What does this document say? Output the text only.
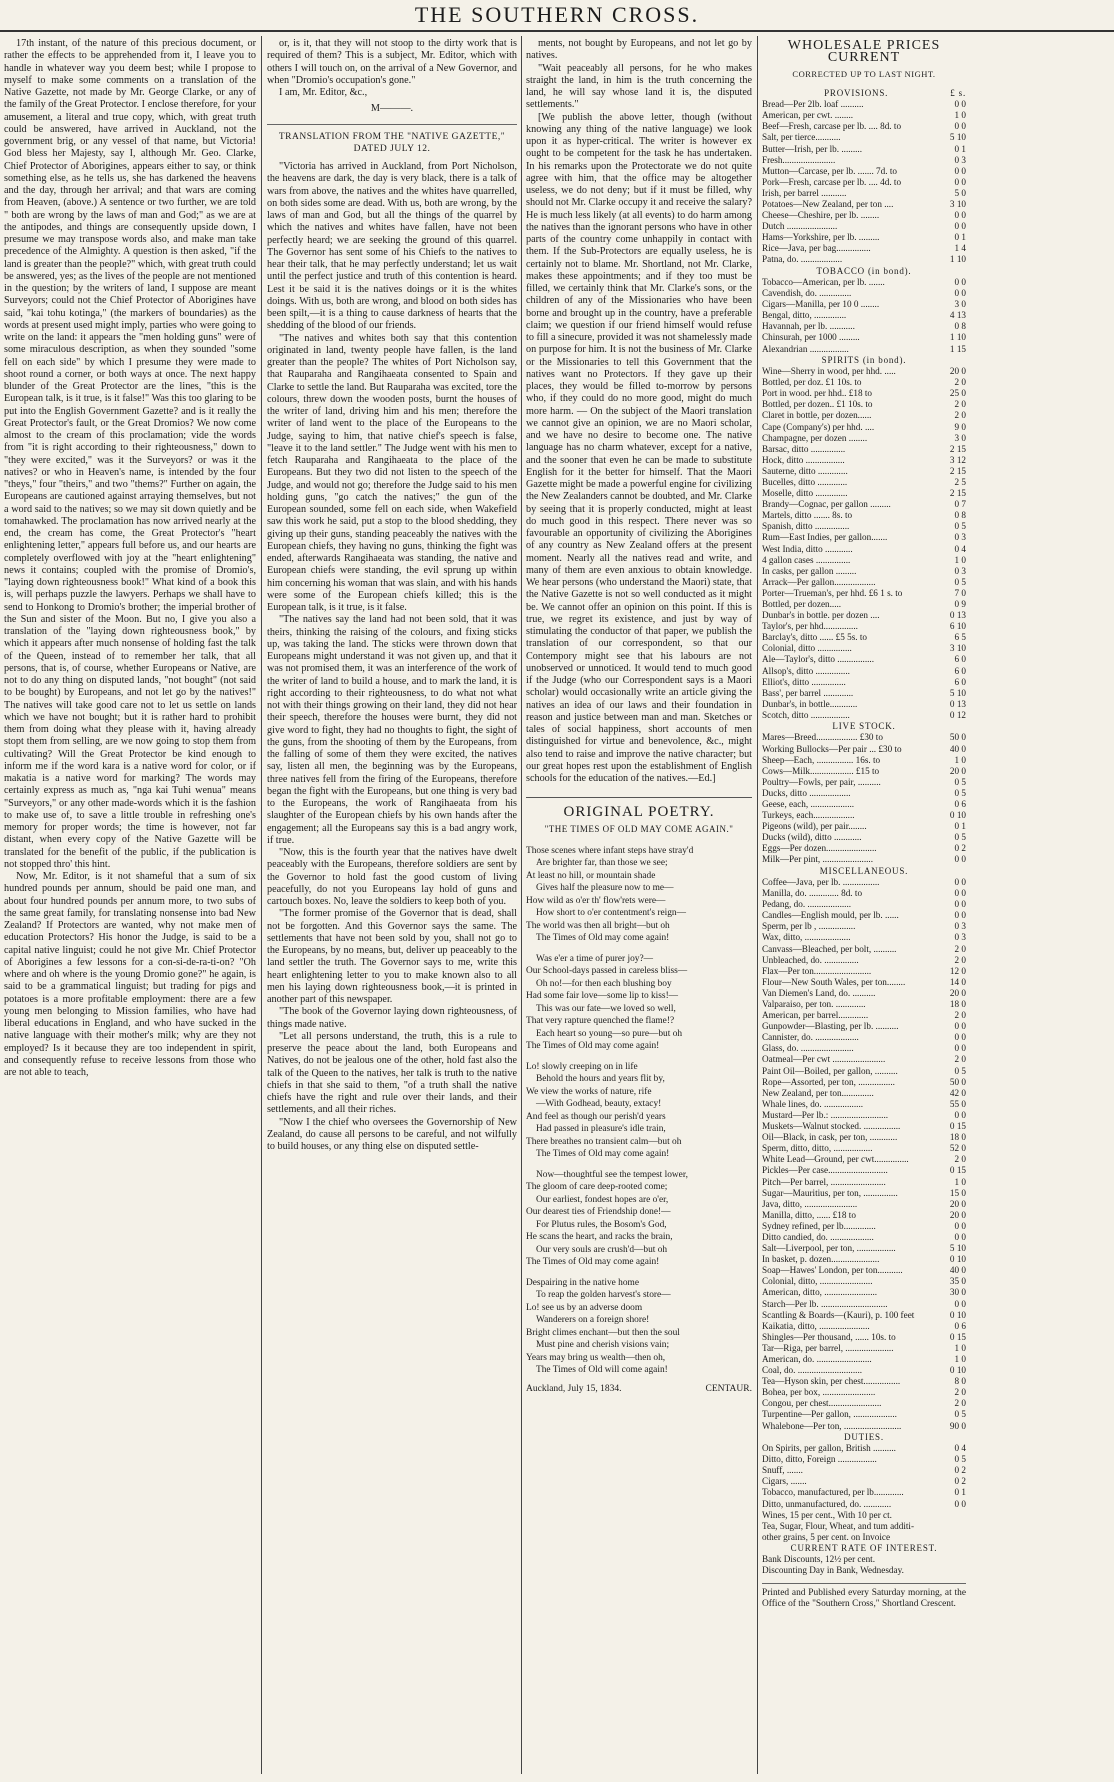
THE SOUTHERN CROSS.

17th instant, of the nature of this precious document, or rather the effects to be apprehended from it, I leave you to handle in whatever way you deem best; while I propose to myself to make some comments on a translation of the Native Gazette, not made by Mr. George Clarke, or any of the family of the Great Protector. I enclose therefore, for your amusement, a literal and true copy, which, with great truth could be answered, have arrived in Auckland, not the government brig, or any vessel of that name, but Victoria! God bless her Majesty, say I, although Mr. Geo. Clarke, Chief Protector of Aborigines, appears either to say, or think something else, as he tells us, she has darkened the heavens and the day, through her arrival; and that wars are coming from Heaven, (above.) A sentence or two further, we are told " both are wrong by the laws of man and God;" as we are at the antipodes, and things are consequently upside down, I presume we may transpose words also, and make man take precedence of the Almighty. A question is then asked, "if the land is greater than the people?" which, with great truth could be answered, yes; as the lives of the people are not mentioned in the question; by the writers of land, I suppose are meant Surveyors; could not the Chief Protector of Aborigines have said, "kai tohu kotinga," (the markers of boundaries) as the words at present used might imply, parties who were going to write on the land: it appears the "men holding guns" were of some miraculous description, as when they sounded "some fell on each side" by which I presume they were made to shoot round a corner, or both ways at once. The next happy blunder of the Great Protector are the lines, "this is the European talk, is it true, is it false!" Was this too glaring to be put into the English Government Gazette? and is it really the Great Protector's fault, or the Great Dromios? We now come almost to the cream of this proclamation; vide the words from "it is right according to their righteousness," down to "they were excited," was it the Surveyors? or was it the natives? or who in Heaven's name, is intended by the four "theys," four "theirs," and two "thems?" Further on again, the Europeans are cautioned against arraying themselves, but not a word said to the natives; so we may sit down quietly and be tomahawked. The proclamation has now arrived nearly at the end, the cream has come, the Great Protector's "heart enlightening letter," appears full before us, and our hearts are completely overflowed with joy at the "heart enlightening" news it contains; coupled with the promise of Dromio's, "laying down righteousness book!" What kind of a book this is, will perhaps puzzle the lawyers. Perhaps we shall have to send to Honkong to Dromio's brother; the imperial brother of the Sun and sister of the Moon. But no, I give you also a translation of the "laying down righteousness book," by which it appears after much nonsense of holding fast the talk of the Queen, instead of to remember her talk, that all persons, that is, of course, whether Europeans or Native, are not to do any thing on disputed lands, "not bought" (not said to be bought) by Europeans, and not let go by the natives!" The natives will take good care not to let us settle on lands which we have not bought; but it is rather hard to prohibit them from doing what they please with it, having already stopt them from selling, are we now going to stop them from cultivating? Will the Great Protector be kind enough to inform me if the word kara is a native word for color, or if makatia is a native word for marking? The words may certainly express as much as, "nga kai Tuhi wenua" means "Surveyors," or any other made-words which it is the fashion to make use of, to save a little trouble in refreshing one's memory for proper words; the time is however, not far distant, when every copy of the Native Gazette will be translated for the benefit of the public, if the publication is not stopped thro' this hint.

Now, Mr. Editor, is it not shameful that a sum of six hundred pounds per annum, should be paid one man, and about four hundred pounds per annum more, to two subs of the same great family, for translating nonsense into bad New Zealand? If Protectors are wanted, why not make men of education Protectors? His honor the Judge, is said to be a capital native linguist; could he not give Mr. Chief Protector of Aborigines a few lessons for a con-si-de-ra-ti-on? "Oh where and oh where is the young Dromio gone?" he again, is said to be a grammatical linguist; but trading for pigs and potatoes is a more profitable employment: there are a few young men belonging to Mission families, who have had liberal educations in England, and who have sucked in the native language with their mother's milk; why are they not employed? Is it because they are too independent in spirit, and consequently refuse to receive lessons from those who are not able to teach,

or, is it, that they will not stoop to the dirty work that is required of them? This is a subject, Mr. Editor, which with others I will touch on, on the arrival of a New Governor, and when "Dromio's occupation's gone."

I am, Mr. Editor, &c.,

M———.
TRANSLATION FROM THE "NATIVE GAZETTE," DATED JULY 12.

"Victoria has arrived in Auckland, from Port Nicholson, the heavens are dark, the day is very black, there is a talk of wars from above, the natives and the whites have quarrelled, on both sides some are dead. With us, both are wrong, by the laws of man and God, but all the things of the quarrel by which the natives and whites have fallen, have not been perfectly heard; we are seeking the ground of this quarrel. The Governor has sent some of his Chiefs to the natives to hear their talk, that he may perfectly understand; let us wait until the perfect justice and truth of this contention is heard. Lest it be said it is the natives doings or it is the whites doings. With us, both are wrong, and blood on both sides has been spilt,—it is a thing to cause darkness of hearts that the shedding of the blood of our friends.

"The natives and whites both say that this contention originated in land, twenty people have fallen, is the land greater than the people? The whites of Port Nicholson say, that Rauparaha and Rangihaeata consented to Spain and Clarke to settle the land. But Rauparaha was excited, tore the colours, threw down the wooden posts, burnt the houses of the writer of land, driving him and his men; therefore the writer of land went to the place of the Europeans to the Judge, saying to him, that native chief's speech is false, "leave it to the land settler." The Judge went with his men to fetch Rauparaha and Rangihaeata to the place of the Europeans. But they two did not listen to the speech of the Judge, and would not go; therefore the Judge said to his men holding guns, "go catch the natives;" the gun of the European sounded, some fell on each side, when Wakefield saw this work he said, put a stop to the blood shedding, they giving up their guns, standing peaceably the natives with the European chiefs, they having no guns, thinking the fight was ended, afterwards Rangihaeata was standing, the native and European chiefs were standing, the evil sprung up within him concerning his woman that was slain, and with his hands were some of the European chiefs killed; this is the European talk, is it true, is it false.

"The natives say the land had not been sold, that it was theirs, thinking the raising of the colours, and fixing sticks up, was taking the land. The sticks were thrown down that Europeans might understand it was not given up, and that it was not promised them, it was an interference of the work of the writer of land to build a house, and to mark the land, it is right according to their righteousness, to do what not what not with their things growing on their land, they did not hear their speech, therefore the houses were burnt, they did not give word to fight, they had no thoughts to fight, the sight of the guns, from the shooting of them by the Europeans, from the falling of some of them they were excited, the natives say, listen all men, the beginning was by the Europeans, three natives fell from the firing of the Europeans, therefore began the fight with the Europeans, but one thing is very bad to the Europeans, the work of Rangihaeata from his slaughter of the European chiefs by his own hands after the engagement; all the Europeans say this is a bad angry work, if true.

"Now, this is the fourth year that the natives have dwelt peaceably with the Europeans, therefore soldiers are sent by the Governor to hold fast the good custom of living peacefully, do not you Europeans lay hold of guns and cartouch boxes. No, leave the soldiers to keep both of you.

"The former promise of the Governor that is dead, shall not be forgotten. And this Governor says the same. The settlements that have not been sold by you, shall not go to the Europeans, by no means, but, deliver up peaceably to the land settler the truth. The Governor says to me, write this heart enlightening letter to you to make known also to all men his laying down righteousness book,—it is printed in another part of this newspaper.

"The book of the Governor laying down righteousness, of things made native.

"Let all persons understand, the truth, this is a rule to preserve the peace about the land, both Europeans and Natives, do not be jealous one of the other, hold fast also the talk of the Queen to the natives, her talk is truth to the native chiefs in that she said to them, "of a truth shall the native chiefs have the right and rule over their lands, and their settlements, and all their riches.

"Now I the chief who oversees the Governorship of New Zealand, do cause all persons to be careful, and not wilfully to build houses, or any thing else on disputed settle-

ments, not bought by Europeans, and not let go by natives.

"Wait peaceably all persons, for he who makes straight the land, in him is the truth concerning the land, he will say whose land it is, the disputed settlements."

[We publish the above letter, though (without knowing any thing of the native language) we look upon it as hyper-critical. The writer is however ex ought to be competent for the task he has undertaken. In his remarks upon the Protectorate we do not quite agree with him, that the office may be altogether useless, we do not deny; but if it must be filled, why should not Mr. Clarke occupy it and receive the salary? He is much less likely (at all events) to do harm among the natives than the ignorant persons who have in other parts of the country come unhappily in contact with them. If the Sub-Protectors are equally useless, he is certainly not to blame. Mr. Shortland, not Mr. Clarke, makes these appointments; and if they too must be filled, we certainly think that Mr. Clarke's sons, or the children of any of the Missionaries who have been borne and brought up in the country, have a preferable claim; we question if our friend himself would refuse to fill a sinecure, provided it was not shamelessly made on purpose for him. It is not the business of Mr. Clarke or the Missionaries to tell this Government that the natives want no Protectors. If they gave up their places, they would be filled to-morrow by persons who, if they could do no more good, might do much more harm. — On the subject of the Maori translation we cannot give an opinion, we are no Maori scholar, and we have no desire to become one. The native language has no charm whatever, except for a native, and the sooner that even he can be made to substitute English for it the better for himself. That the Maori Gazette might be made a powerful engine for civilizing the New Zealanders cannot be doubted, and Mr. Clarke by seeing that it is properly conducted, might at least do much good in this respect. There never was so favourable an opportunity of civilizing the Aborigines of any country as New Zealand offers at the present moment. Nearly all the natives read and write, and many of them are even anxious to obtain knowledge. We hear persons (who understand the Maori) state, that the Native Gazette is not so well conducted as it might be. We cannot offer an opinion on this point. If this is true, we regret its existence, and just by way of stimulating the conductor of that paper, we publish the translation of our correspondent, so that our Contempory might see that his labours are not unobserved or unnoticed. It would tend to much good if the Judge (who our Correspondent says is a Maori scholar) would occasionally write an article giving the natives an idea of our laws and their foundation in reason and justice between man and man. Sketches or tales of social happiness, short accounts of men distinguished for virtue and benevolence, &c., might also tend to raise and improve the native character; but our great hopes rest upon the establishment of English schools for the education of the natives.—Ed.]

ORIGINAL POETRY.
"THE TIMES OF OLD MAY COME AGAIN."
Those scenes where infant steps have stray'd
Are brighter far, than those we see;
At least no hill, or mountain shade
Gives half the pleasure now to me—
How wild as o'er th' flow'rets were—
How short to o'er contentment's reign—
The world was then all bright—but oh
The Times of Old may come again!
Was e'er a time of purer joy?—
Our School-days passed in careless bliss—
Oh no!—for then each blushing boy
Had some fair love—some lip to kiss!—
This was our fate—we loved so well,
That very rapture quenched the flame!?
Each heart so young—so pure—but oh
The Times of Old may come again!
Lo! slowly creeping on in life
Behold the hours and years flit by,
We view the works of nature, rife
—With Godhead, beauty, extacy!
And feel as though our perish'd years
Had passed in pleasure's idle train,
There breathes no transient calm—but oh
The Times of Old may come again!
Now—thoughtful see the tempest lower,
The gloom of care deep-rooted come;
Our earliest, fondest hopes are o'er,
Our dearest ties of Friendship done!—
For Plutus rules, the Bosom's God,
He scans the heart, and racks the brain,
Our very souls are crush'd—but oh
The Times of Old may come again!
Despairing in the native home
To reap the golden harvest's store—
Lo! see us by an adverse doom
Wanderers on a foreign shore!
Bright climes enchant—but then the soul
Must pine and cherish visions vain;
Years may bring us wealth—then oh,
The Times of Old will come again!
Auckland, July 15, 1834.	CENTAUR.
WHOLESALE PRICES CURRENT
CORRECTED UP TO LAST NIGHT.
PROVISIONS.	£ s.
Bread—Per 2lb. loaf ..........	0 0
American, per cwt. ........	1 0
Beef—Fresh, carcase per lb. .... 8d. to	0 0
Salt, per tierce...........	5 10
Butter—Irish, per lb. .........	0 1
Fresh.......................	0 3
Mutton—Carcase, per lb. ....... 7d. to	0 0
Pork—Fresh, carcase per lb. .... 4d. to	0 0
Irish, per barrel ...........	5 0
Potatoes—New Zealand, per ton ....	3 10
Cheese—Cheshire, per lb. ........	0 0
Dutch ......................	0 0
Hams—Yorkshire, per lb. .........	0 1
Rice—Java, per bag...............	1 4
Patna, do. ..................	1 10
TOBACCO (in bond).
Tobacco—American, per lb. .......	0 0
Cavendish, do. ..............	0 0
Cigars—Manilla, per 10 0 ........	3 0
Bengal, ditto, ..............	4 13
Havannah, per lb. ...........	0 8
Chinsurah, per 1000 .........	1 10
Alexandrian .................	1 15
SPIRITS (in bond).
Wine—Sherry in wood, per hhd. .....	20 0
Bottled, per doz. £1 10s. to	2 0
Port in wood. per hhd.. £18 to	25 0
Bottled, per dozen.. £1 10s. to	2 0
Claret in bottle, per dozen......	2 0
Cape (Company's) per hhd. ....	9 0
Champagne, per dozen ........	3 0
Barsac, ditto ...............	2 15
Hock, ditto .................	3 12
Sauterne, ditto .............	2 15
Bucelles, ditto .............	2 5
Moselle, ditto ..............	2 15
Brandy—Cognac, per gallon .........	0 7
Martels, ditto ....... 8s. to	0 8
Spanish, ditto ...............	0 5
Rum—East Indies, per gallon.......	0 3
West India, ditto ............	0 4
4 gallon cases ...............	1 0
In casks, per gallon .........	0 3
Arrack—Per gallon..................	0 5
Porter—Trueman's, per hhd. £6 1 s. to	7 0
Bottled, per dozen.....	0 9
Dunbar's in bottle. per dozen ....	0 13
Taylor's, per hhd...............	6 10
Barclay's, ditto ...... £5 5s. to	6 5
Colonial, ditto ...............	3 10
Ale—Taylor's, ditto ................	6 0
Allsop's, ditto ...............	6 0
Elliot's, ditto ...............	6 0
Bass', per barrel .............	5 10
Dunbar's, in bottle............	0 13
Scotch, ditto .................	0 12
LIVE STOCK.
Mares—Breed.................. £30 to	50 0
Working Bullocks—Per pair ... £30 to	40 0
Sheep—Each, ................ 16s. to	1 0
Cows—Milk................... £15 to	20 0
Poultry—Fowls, per pair, ..........	0 5
Ducks, ditto ..................	0 5
Geese, each, ...................	0 6
Turkeys, each..................	0 10
Pigeons (wild), per pair........	0 1
Ducks (wild), ditto ............	0 5
Eggs—Per dozen......................	0 2
Milk—Per pint, ......................	0 0
MISCELLANEOUS.
Coffee—Java, per lb. ................	0 0
Manilla, do. ............. 8d. to	0 0
Pedang, do. ...................	0 0
Candles—English mould, per lb. ......	0 0
Sperm, per lb , ................	0 3
Wax, ditto, ....................	0 3
Canvass—Bleached, per bolt, ..........	2 0
Unbleached, do. ...............	2 0
Flax—Per ton.........................	12 0
Flour—New South Wales, per ton........	14 0
Van Diemen's Land, do. ..........	20 0
Valparaiso, per ton. .............	18 0
American, per barrel.............	2 0
Gunpowder—Blasting, per lb. ..........	0 0
Cannister, do. ...................	0 0
Glass, do. .......................	0 0
Oatmeal—Per cwt .......................	2 0
Paint Oil—Boiled, per gallon, ..........	0 5
Rope—Assorted, per ton, ................	50 0
New Zealand, per ton..............	42 0
Whale lines, do. .................	55 0
Mustard—Per lb.: .........................	0 0
Muskets—Walnut stocked. ................	0 15
Oil—Black, in cask, per ton, ............	18 0
Sperm, ditto, ditto, .................	52 0
White Lead—Ground, per cwt...............	2 0
Pickles—Per case..........................	0 15
Pitch—Per barrel, ........................	1 0
Sugar—Mauritius, per ton, ...............	15 0
Java, ditto, .......................	20 0
Manilla, ditto, ...... £18 to	20 0
Sydney refined, per lb..............	0 0
Ditto candied, do. ...................	0 0
Salt—Liverpool, per ton, .................	5 10
In basket, p. dozen.....................	0 10
Soap—Hawes' London, per ton...........	40 0
Colonial, ditto, .......................	35 0
American, ditto, .......................	30 0
Starch—Per lb. .............................	0 0
Scantling & Boards—(Kauri), p. 100 feet	0 10
Kaikatia, ditto, ......................	0 6
Shingles—Per thousand, ...... 10s. to	0 15
Tar—Riga, per barrel, .....................	1 0
American, do. ........................	1 0
Coal, do. ............................	0 10
Tea—Hyson skin, per chest................	8 0
Bohea, per box, .......................	2 0
Congou, per chest.......................	2 0
Turpentine—Per gallon, ...................	0 5
Whalebone—Per ton, .........................	90 0
DUTIES.
On Spirits, per gallon, British ..........	0 4
Ditto, ditto, Foreign .................	0 5
Snuff, .......	0 2
Cigars, .......	0 2
Tobacco, manufactured, per lb.............	0 1
Ditto, unmanufactured, do. ............	0 0
Wines, 15 per cent., With 10 per ct.
Tea, Sugar, Flour, Wheat, and tum additi-
other grains, 5 per cent. on Invoice
CURRENT RATE OF INTEREST.
Bank Discounts, 12½ per cent.
Discounting Day in Bank, Wednesday.
Printed and Published every Saturday morning, at the Office of the "Southern Cross," Shortland Crescent.
